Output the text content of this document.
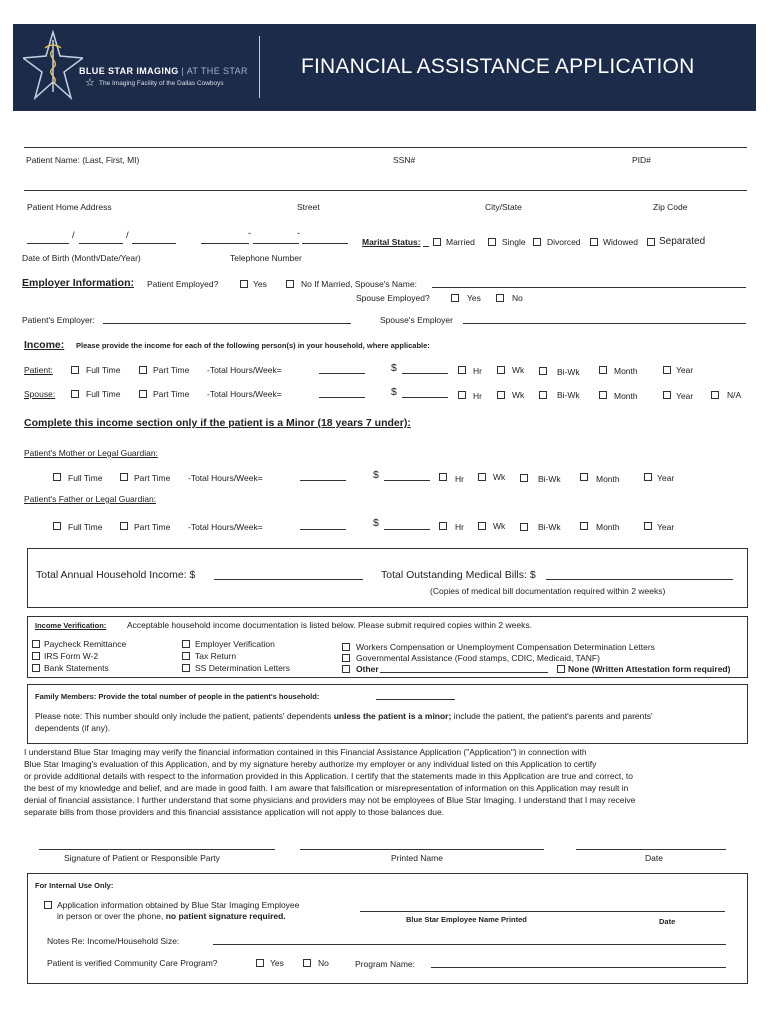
BLUE STAR IMAGING | AT THE STAR
☆ The Imaging Facility of the Dallas Cowboys
FINANCIAL ASSISTANCE APPLICATION
Patient Name: (Last, First, MI)	SSN#	PID#
Patient Home Address	Street	City/State	Zip Code
/	/	-	-
Marital Status:	Married	Single	Divorced	Widowed Separated
Date of Birth (Month/Date/Year)	Telephone Number
Employer Information: Patient Employed?	Yes	No If Married, Spouse's Name:
Spouse Employed?	Yes	No
Patient's Employer:	Spouse's Employer
Income: Please provide the income for each of the following person(s) in your household, where applicable:
Patient:	Full Time	Part Time -Total Hours/Week=	$	Hr	Wk	Bi-Wk	Month	Year
Spouse:	Full Time	Part Time -Total Hours/Week=	$	Hr	Wk	Bi-Wk	Month	Year	N/A
Complete this income section only if the patient is a Minor (18 years 7 under):
Patient's Mother or Legal Guardian:
Full Time	Part Time -Total Hours/Week=	$	Hr	Wk	Bi-Wk	Month	Year
Patient's Father or Legal Guardian:
Full Time	Part Time -Total Hours/Week=	$	Hr	Wk	Bi-Wk	Month	Year
Total Annual Household Income: $	Total Outstanding Medical Bills: $
(Copies of medical bill documentation required within 2 weeks)
Income Verification: Acceptable household income documentation is listed below. Please submit required copies within 2 weeks.
Paycheck Remittance
IRS Form W-2
Bank Statements
Employer Verification
Tax Return
SS Determination Letters
Workers Compensation or Unemployment Compensation Determination Letters
Governmental Assistance (Food stamps, CDIC, Medicaid, TANF)
Other	None (Written Attestation form required)
Family Members: Provide the total number of people in the patient's household:
Please note: This number should only include the patient, patients' dependents unless the patient is a minor; include the patient, the patient's parents and parents'
dependents (if any).
I understand Blue Star Imaging may verify the financial information contained in this Financial Assistance Application ("Application") in connection with
Blue Star Imaging's evaluation of this Application, and by my signature hereby authorize my employer or any individual listed on this Application to certify
or provide additional details with respect to the information provided in this Application. I certify that the statements made in this Application are true and correct, to
the best of my knowledge and belief, and are made in good faith. I am aware that falsification or misrepresentation of information on this Application may result in
denial of financial assistance. I further understand that some physicians and providers may not be employees of Blue Star Imaging. I understand that I may receive
separate bills from those providers and this financial assistance application will not apply to those balances due.
Signature of Patient or Responsible Party	Printed Name	Date
For Internal Use Only:
Application information obtained by Blue Star Imaging Employee
in person or over the phone, no patient signature required.	Blue Star Employee Name Printed	Date
Notes Re: Income/Household Size:
Patient is verified Community Care Program?	Yes	No	Program Name:
